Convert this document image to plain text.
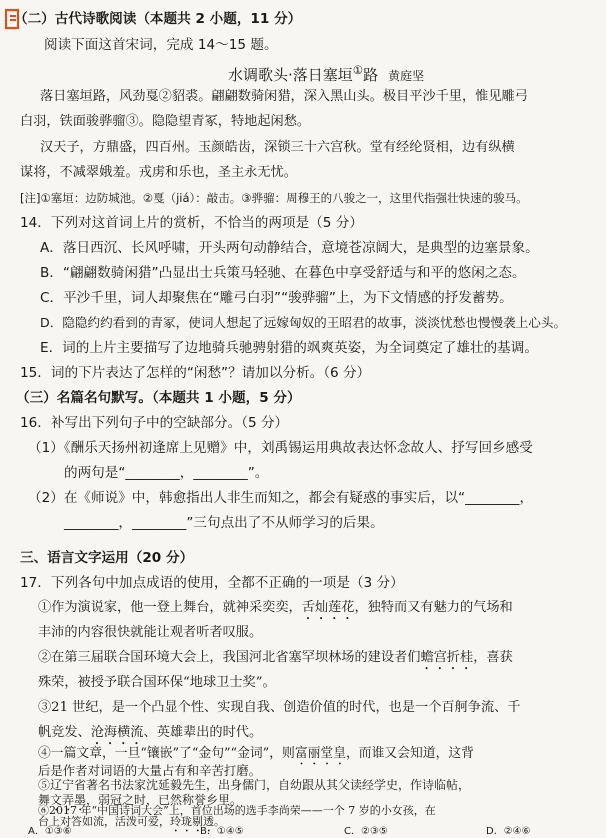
（二）古代诗歌阅读（本题共 2 小题，11 分）
阅读下面这首宋词，完成 14～15 题。
水调歌头·落日塞垣①路 黄庭坚
落日塞垣路，风劲戛②貂裘。翩翩数骑闲猎，深入黑山头。极目平沙千里，惟见雕弓
白羽，铁面骏骅骝③。隐隐望青冢，特地起闲愁。
汉天子，方鼎盛，四百州。玉颜皓齿，深锁三十六宫秋。堂有经纶贤相，边有纵横
谋将，不减翠娥羞。戎虏和乐也，圣主永无忧。
[注]①塞垣：边防城池。②戛（jiá）：敲击。③骅骝：周穆王的八骏之一，这里代指强壮快速的骏马。
14．下列对这首词上片的赏析，不恰当的两项是（5 分）
A．落日西沉、长风呼啸，开头两句动静结合，意境苍凉阔大，是典型的边塞景象。
B．“翩翩数骑闲猎”凸显出士兵策马轻驰、在暮色中享受舒适与和平的悠闲之态。
C．平沙千里，词人却聚焦在“雕弓白羽”“骏骅骝”上，为下文情感的抒发蓄势。
D．隐隐约约看到的青冢，使词人想起了远嫁匈奴的王昭君的故事，淡淡忧愁也慢慢袭上心头。
E．词的上片主要描写了边地骑兵驰骋射猎的飒爽英姿，为全词奠定了雄壮的基调。
15．词的下片表达了怎样的“闲愁”？请加以分析。（6 分）
（三）名篇名句默写。（本题共 1 小题，5 分）
16．补写出下列句子中的空缺部分。（5 分）
（1）《酬乐天扬州初逢席上见赠》中，刘禹锡运用典故表达怀念故人、抒写回乡感受
的两句是“________，________”。
（2）在《师说》中，韩愈指出人非生而知之，都会有疑惑的事实后，以“________，
________，________”三句点出了不从师学习的后果。
三、语言文字运用（20 分）
17．下列各句中加点成语的使用，全都不正确的一项是（3 分）
①作为演说家，他一登上舞台，就神采奕奕，舌灿莲花，独特而又有魅力的气场和
丰沛的内容很快就能让观者听者叹服。
②在第三届联合国环境大会上，我国河北省塞罕坝林场的建设者们蟾宫折桂，喜获
殊荣，被授予联合国环保“地球卫士奖”。
③21 世纪，是一个凸显个性、实现自我、创造价值的时代，也是一个百舸争流、千
帆竞发、沧海横流、英雄辈出的时代。
④一篇文章，一旦“镶嵌”了“金句”“金词”，则富丽堂皇，而谁又会知道，这背
后是作者对词语的大量占有和辛苦打磨。
⑤辽宁省著名书法家沈延毅先生，出身儒门，自幼跟从其父读经学史，作诗临帖，
舞文弄墨，弱冠之时，已然称誉乡里。
台上对答如流，活泼可爱，玲珑剔透。
⑥2017 年“中国诗词大会”上，首位出场的选手李尚荣——一个 7 岁的小女孩，在
A．①③⑥	B．①④⑤	C．②③⑤	D．②④⑥
